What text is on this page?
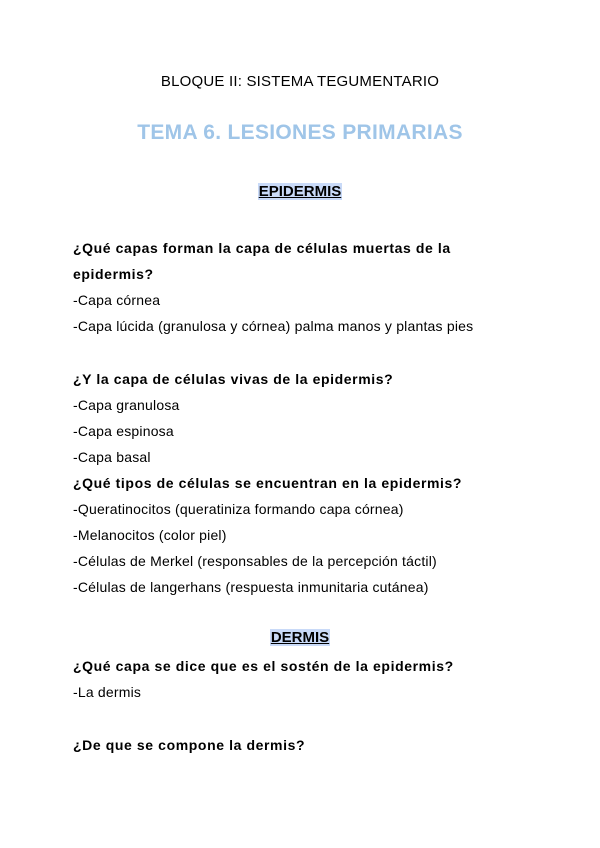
BLOQUE II: SISTEMA TEGUMENTARIO
TEMA 6. LESIONES PRIMARIAS
EPIDERMIS
¿Qué capas forman la capa de células muertas de la
epidermis?
-Capa córnea
-Capa lúcida (granulosa y córnea) palma manos y plantas pies
¿Y la capa de células vivas de la epidermis?
-Capa granulosa
-Capa espinosa
-Capa basal
¿Qué tipos de células se encuentran en la epidermis?
-Queratinocitos (queratiniza formando capa córnea)
-Melanocitos (color piel)
-Células de Merkel (responsables de la percepción táctil)
-Células de langerhans (respuesta inmunitaria cutánea)
DERMIS
¿Qué capa se dice que es el sostén de la epidermis?
-La dermis
¿De que se compone la dermis?
